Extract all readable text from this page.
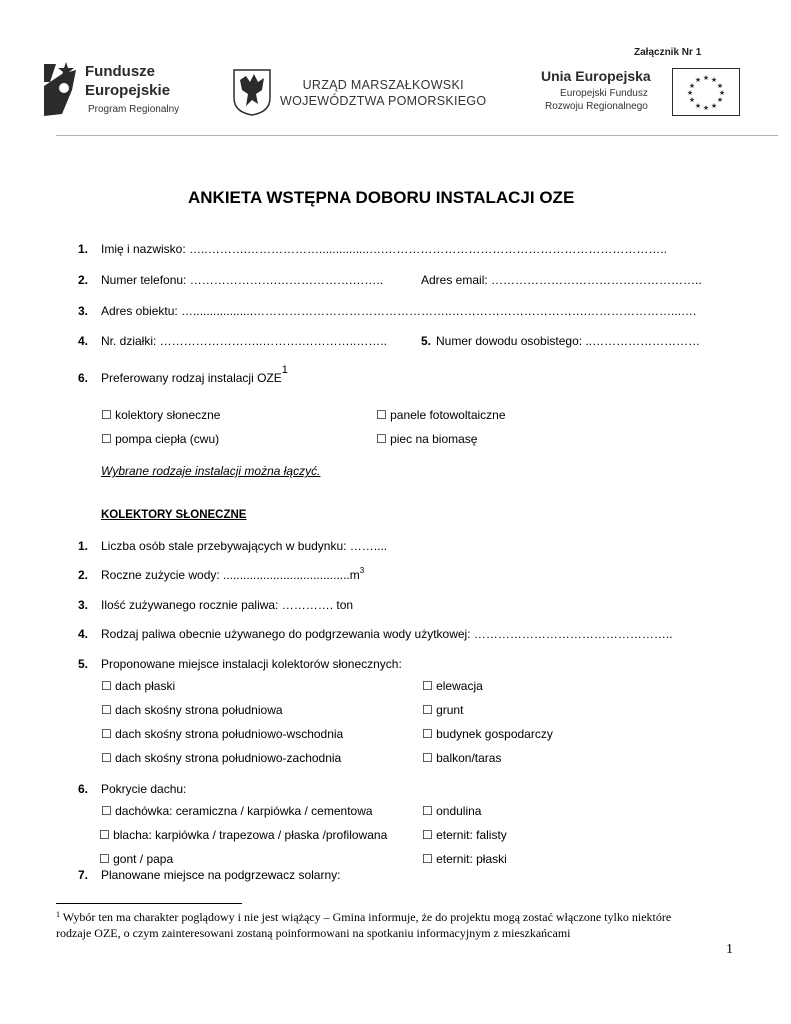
Załącznik Nr 1
Fundusze
Europejskie
Program Regionalny
URZĄD MARSZAŁKOWSKI
WOJEWÓDZTWA POMORSKIEGO
Unia Europejska
Europejski Fundusz
Rozwoju Regionalnego
★ ★
★
★
★
★
★
★
★
★
★
★
ANKIETA WSTĘPNA DOBORU INSTALACJI OZE
1. Imię i nazwisko: …..……….………………...............….……………………………………………………………..
2. Numer telefonu: ………………….……………….……..	Adres email: ……………………………………………..
3. Adres obiektu: …..................…………………………………………..…………………………….…………………...….
4. Nr. działki: ……………………..……….…………..……..	5. Numer dowodu osobistego: ..………………………
6. Preferowany rodzaj instalacji OZE1
☐ kolektory słoneczne	☐ panele fotowoltaiczne
☐ pompa ciepła (cwu)	☐ piec na biomasę
Wybrane rodzaje instalacji można łączyć.
KOLEKTORY SŁONECZNE
1. Liczba osób stale przebywających w budynku: ……....
2. Roczne zużycie wody: $......................................m^3$
3. Ilość zużywanego rocznie paliwa: …………. ton
4. Rodzaj paliwa obecnie używanego do podgrzewania wody użytkowej: …………………………………………..
5. Proponowane miejsce instalacji kolektorów słonecznych:
☐ dach płaski	☐ elewacja
☐ dach skośny strona południowa	☐ grunt
☐ dach skośny strona południowo-wschodnia	☐ budynek gospodarczy
☐ dach skośny strona południowo-zachodnia	☐ balkon/taras
6. Pokrycie dachu:
☐ dachówka: ceramiczna / karpiówka / cementowa	☐ ondulina
☐ blacha: karpiówka / trapezowa / płaska /profilowana	☐ eternit: falisty
☐ gont / papa	☐ eternit: płaski
7. Planowane miejsce na podgrzewacz solarny:
$^1$ Wybór ten ma charakter poglądowy i nie jest wiążący – Gmina informuje, że do projektu mogą zostać włączone tylko niektóre
rodzaje OZE, o czym zainteresowani zostaną poinformowani na spotkaniu informacyjnym z mieszkańcami
1
